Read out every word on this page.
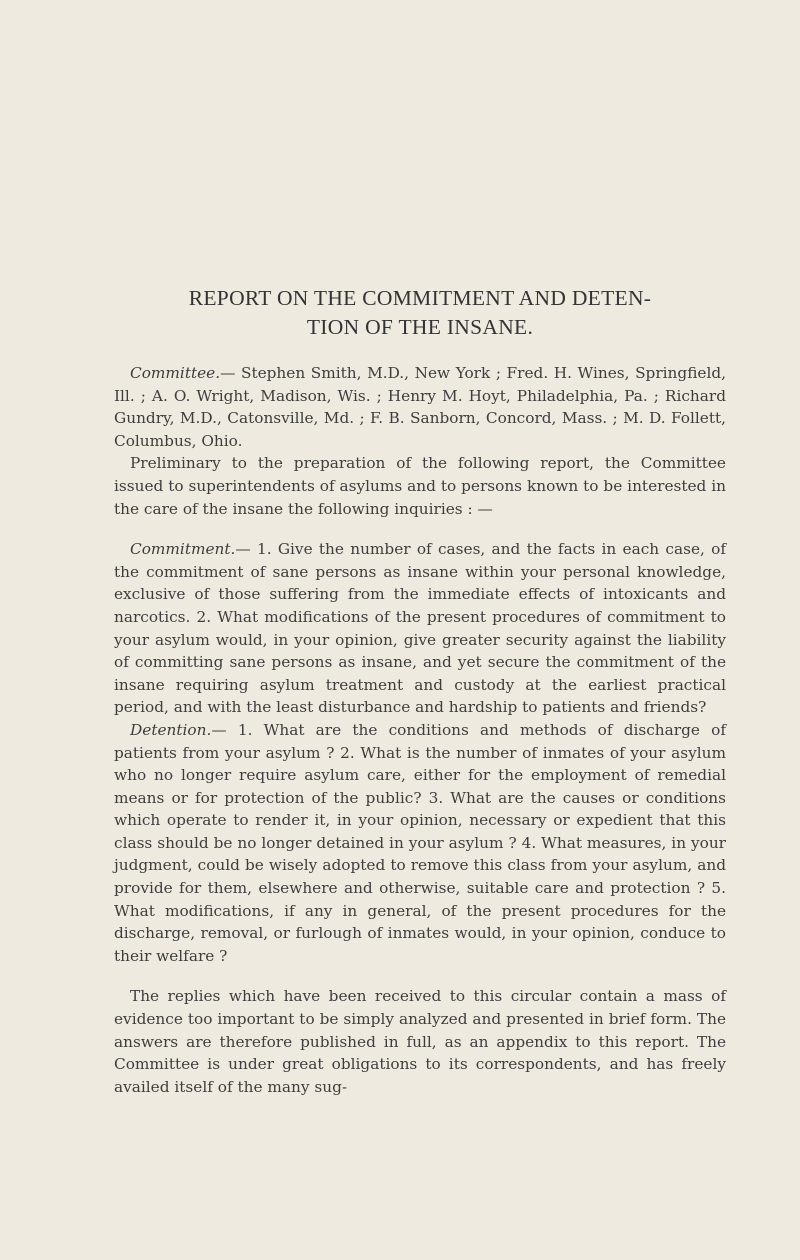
REPORT ON THE COMMITMENT AND DETEN-
TION OF THE INSANE.

Committee.— Stephen Smith, M.D., New York ; Fred. H. Wines, Springfield, Ill. ; A. O. Wright, Madison, Wis. ; Henry M. Hoyt, Philadelphia, Pa. ; Richard Gundry, M.D., Catonsville, Md. ; F. B. Sanborn, Concord, Mass. ; M. D. Follett, Columbus, Ohio.

Preliminary to the preparation of the following report, the Committee issued to superintendents of asylums and to persons known to be interested in the care of the insane the following inquiries : —

Commitment.— 1. Give the number of cases, and the facts in each case, of the commitment of sane persons as insane within your personal knowledge, exclusive of those suffering from the immediate effects of intoxicants and narcotics. 2. What modifications of the present procedures of commitment to your asylum would, in your opinion, give greater security against the liability of committing sane persons as insane, and yet secure the commitment of the insane requiring asylum treatment and custody at the earliest practical period, and with the least disturbance and hardship to patients and friends?

Detention.— 1. What are the conditions and methods of discharge of patients from your asylum ? 2. What is the number of inmates of your asylum who no longer require asylum care, either for the employment of remedial means or for protection of the public? 3. What are the causes or conditions which operate to render it, in your opinion, necessary or expedient that this class should be no longer detained in your asylum ? 4. What measures, in your judgment, could be wisely adopted to remove this class from your asylum, and provide for them, elsewhere and otherwise, suitable care and protection ? 5. What modifications, if any in general, of the present procedures for the discharge, removal, or furlough of inmates would, in your opinion, conduce to their welfare ?

The replies which have been received to this circular contain a mass of evidence too important to be simply analyzed and presented in brief form. The answers are therefore published in full, as an appendix to this report. The Committee is under great obligations to its correspondents, and has freely availed itself of the many sug-
